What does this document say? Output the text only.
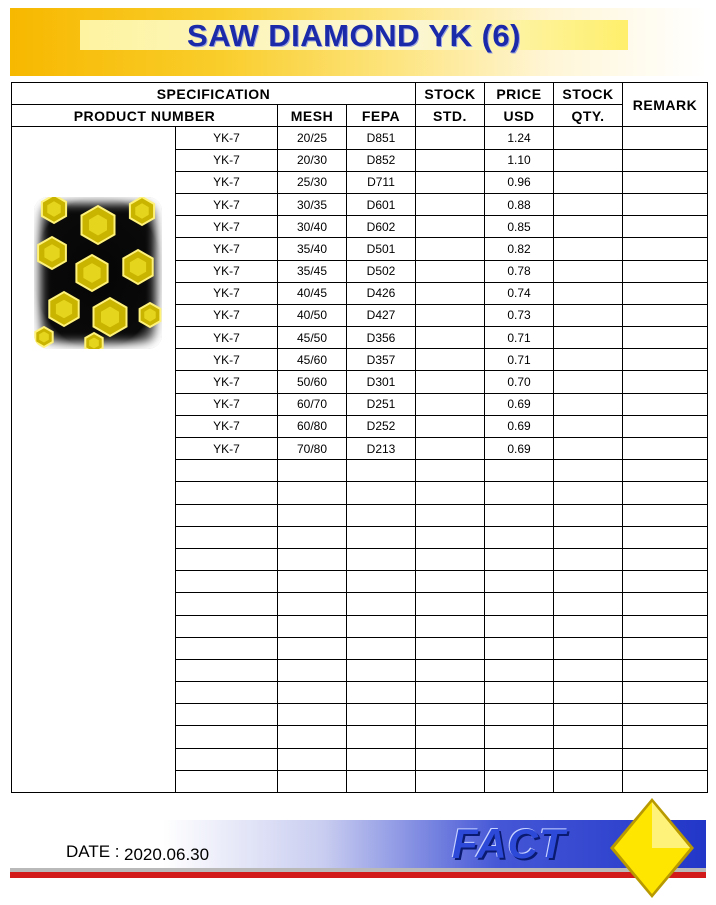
SAW DIAMOND YK (6)
SPECIFICATION				STOCK	PRICE	STOCK	REMARK
PRODUCT NUMBER		MESH	FEPA	STD.	USD	QTY.	

	YK-7	20/25	D851		1.24		
	YK-7	20/30	D852		1.10		
	YK-7	25/30	D711		0.96		
	YK-7	30/35	D601		0.88		
	YK-7	30/40	D602		0.85		
	YK-7	35/40	D501		0.82		
	YK-7	35/45	D502		0.78		
	YK-7	40/45	D426		0.74		
	YK-7	40/50	D427		0.73		
	YK-7	45/50	D356		0.71		
	YK-7	45/60	D357		0.71		
	YK-7	50/60	D301		0.70		
	YK-7	60/70	D251		0.69		
	YK-7	60/80	D252		0.69		
	YK-7	70/80	D213		0.69		

DATE : 2020.06.30	FACT
